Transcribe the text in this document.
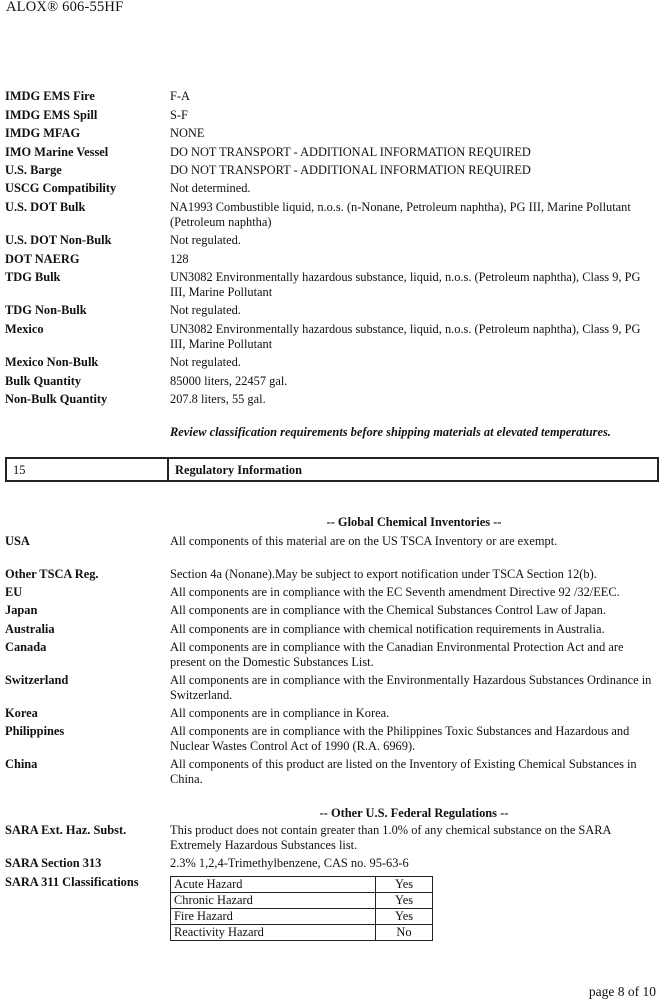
ALOX® 606-55HF
IMDG EMS Fire	F-A
IMDG EMS Spill	S-F
IMDG MFAG	NONE
IMO Marine Vessel	DO NOT TRANSPORT - ADDITIONAL INFORMATION REQUIRED
U.S. Barge	DO NOT TRANSPORT - ADDITIONAL INFORMATION REQUIRED
USCG Compatibility	Not determined.
U.S. DOT Bulk	NA1993 Combustible liquid, n.o.s. (n-Nonane, Petroleum naphtha), PG III, Marine Pollutant (Petroleum naphtha)
U.S. DOT Non-Bulk	Not regulated.
DOT NAERG	128
TDG Bulk	UN3082 Environmentally hazardous substance, liquid, n.o.s. (Petroleum naphtha), Class 9, PG III, Marine Pollutant
TDG Non-Bulk	Not regulated.
Mexico	UN3082 Environmentally hazardous substance, liquid, n.o.s. (Petroleum naphtha), Class 9, PG III, Marine Pollutant
Mexico Non-Bulk	Not regulated.
Bulk Quantity	85000 liters, 22457 gal.
Non-Bulk Quantity	207.8 liters, 55 gal.
Review classification requirements before shipping materials at elevated temperatures.
15	Regulatory Information
-- Global Chemical Inventories --
USA	All components of this material are on the US TSCA Inventory or are exempt.
Other TSCA Reg.	Section 4a (Nonane).May be subject to export notification under TSCA Section 12(b).
EU	All components are in compliance with the EC Seventh amendment Directive 92 /32/EEC.
Japan	All components are in compliance with the Chemical Substances Control Law of Japan.
Australia	All components are in compliance with chemical notification requirements in Australia.
Canada	All components are in compliance with the Canadian Environmental Protection Act and are present on the Domestic Substances List.
Switzerland	All components are in compliance with the Environmentally Hazardous Substances Ordinance in Switzerland.
Korea	All components are in compliance in Korea.
Philippines	All components are in compliance with the Philippines Toxic Substances and Hazardous and Nuclear Wastes Control Act of 1990 (R.A. 6969).
China	All components of this product are listed on the Inventory of Existing Chemical Substances in China.
-- Other U.S. Federal Regulations --
SARA Ext. Haz. Subst.	This product does not contain greater than 1.0% of any chemical substance on the SARA Extremely Hazardous Substances list.
SARA Section 313	2.3% 1,2,4-Trimethylbenzene, CAS no. 95-63-6
SARA 311 Classifications	Acute Hazard	Yes
Chronic Hazard	Yes
Fire Hazard	Yes
Reactivity Hazard	No
page 8 of 10
